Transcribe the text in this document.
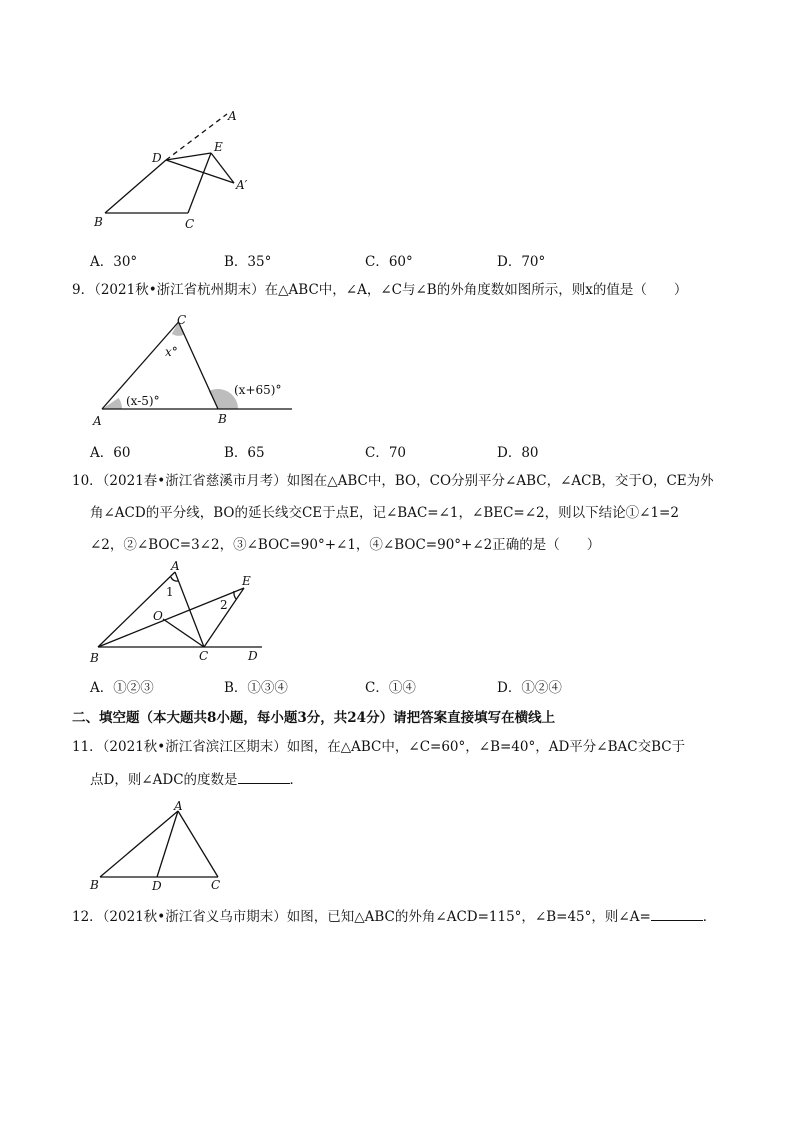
A
D
E
A′
B	C
A．30°	B．35°	C．60°	D．70°
9．（2021秋•浙江省杭州期末）在△ABC中，∠A，∠C与∠B的外角度数如图所示，则x的值是（　　）
C
x°
(x+65)°
(x-5)°
A	B
A．60	B．65	C．70	D．80
10．（2021春•浙江省慈溪市月考）如图在△ABC中，BO，CO分别平分∠ABC，∠ACB，交于O，CE为外
角∠ACD的平分线，BO的延长线交CE于点E，记∠BAC=∠1，∠BEC=∠2，则以下结论①∠1=2
∠2，②∠BOC=3∠2，③∠BOC=90°+∠1，④∠BOC=90°+∠2正确的是（　　）
A
E
1
2
O
B	C	D
A．①②③	B．①③④	C．①④	D．①②④
二、填空题（本大题共8小题，每小题3分，共24分）请把答案直接填写在横线上
11．（2021秋•浙江省滨江区期末）如图，在△ABC中，∠C=60°，∠B=40°，AD平分∠BAC交BC于
点D，则∠ADC的度数是	．
A
B	D	C
12．（2021秋•浙江省义乌市期末）如图，已知△ABC的外角∠ACD=115°，∠B=45°，则∠A=	．
